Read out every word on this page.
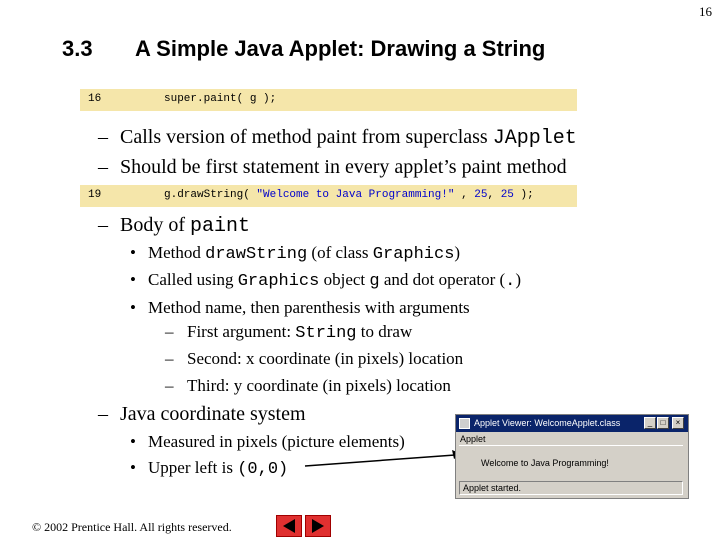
16
3.3 A Simple Java Applet: Drawing a String
16	super.paint( g );
– Calls version of method paint from superclass JApplet
– Should be first statement in every applet’s paint method
19	g.drawString( "Welcome to Java Programming!" , 25, 25 );
– Body of paint
• Method drawString (of class Graphics)
• Called using Graphics object g and dot operator (.)
• Method name, then parenthesis with arguments
– First argument: String to draw
– Second: x coordinate (in pixels) location
– Third: y coordinate (in pixels) location
– Java coordinate system
• Measured in pixels (picture elements)
• Upper left is (0,0)
Applet Viewer: WelcomeApplet.class	_	□	×
Applet
Welcome to Java Programming!
Applet started.
© 2002 Prentice Hall. All rights reserved.
